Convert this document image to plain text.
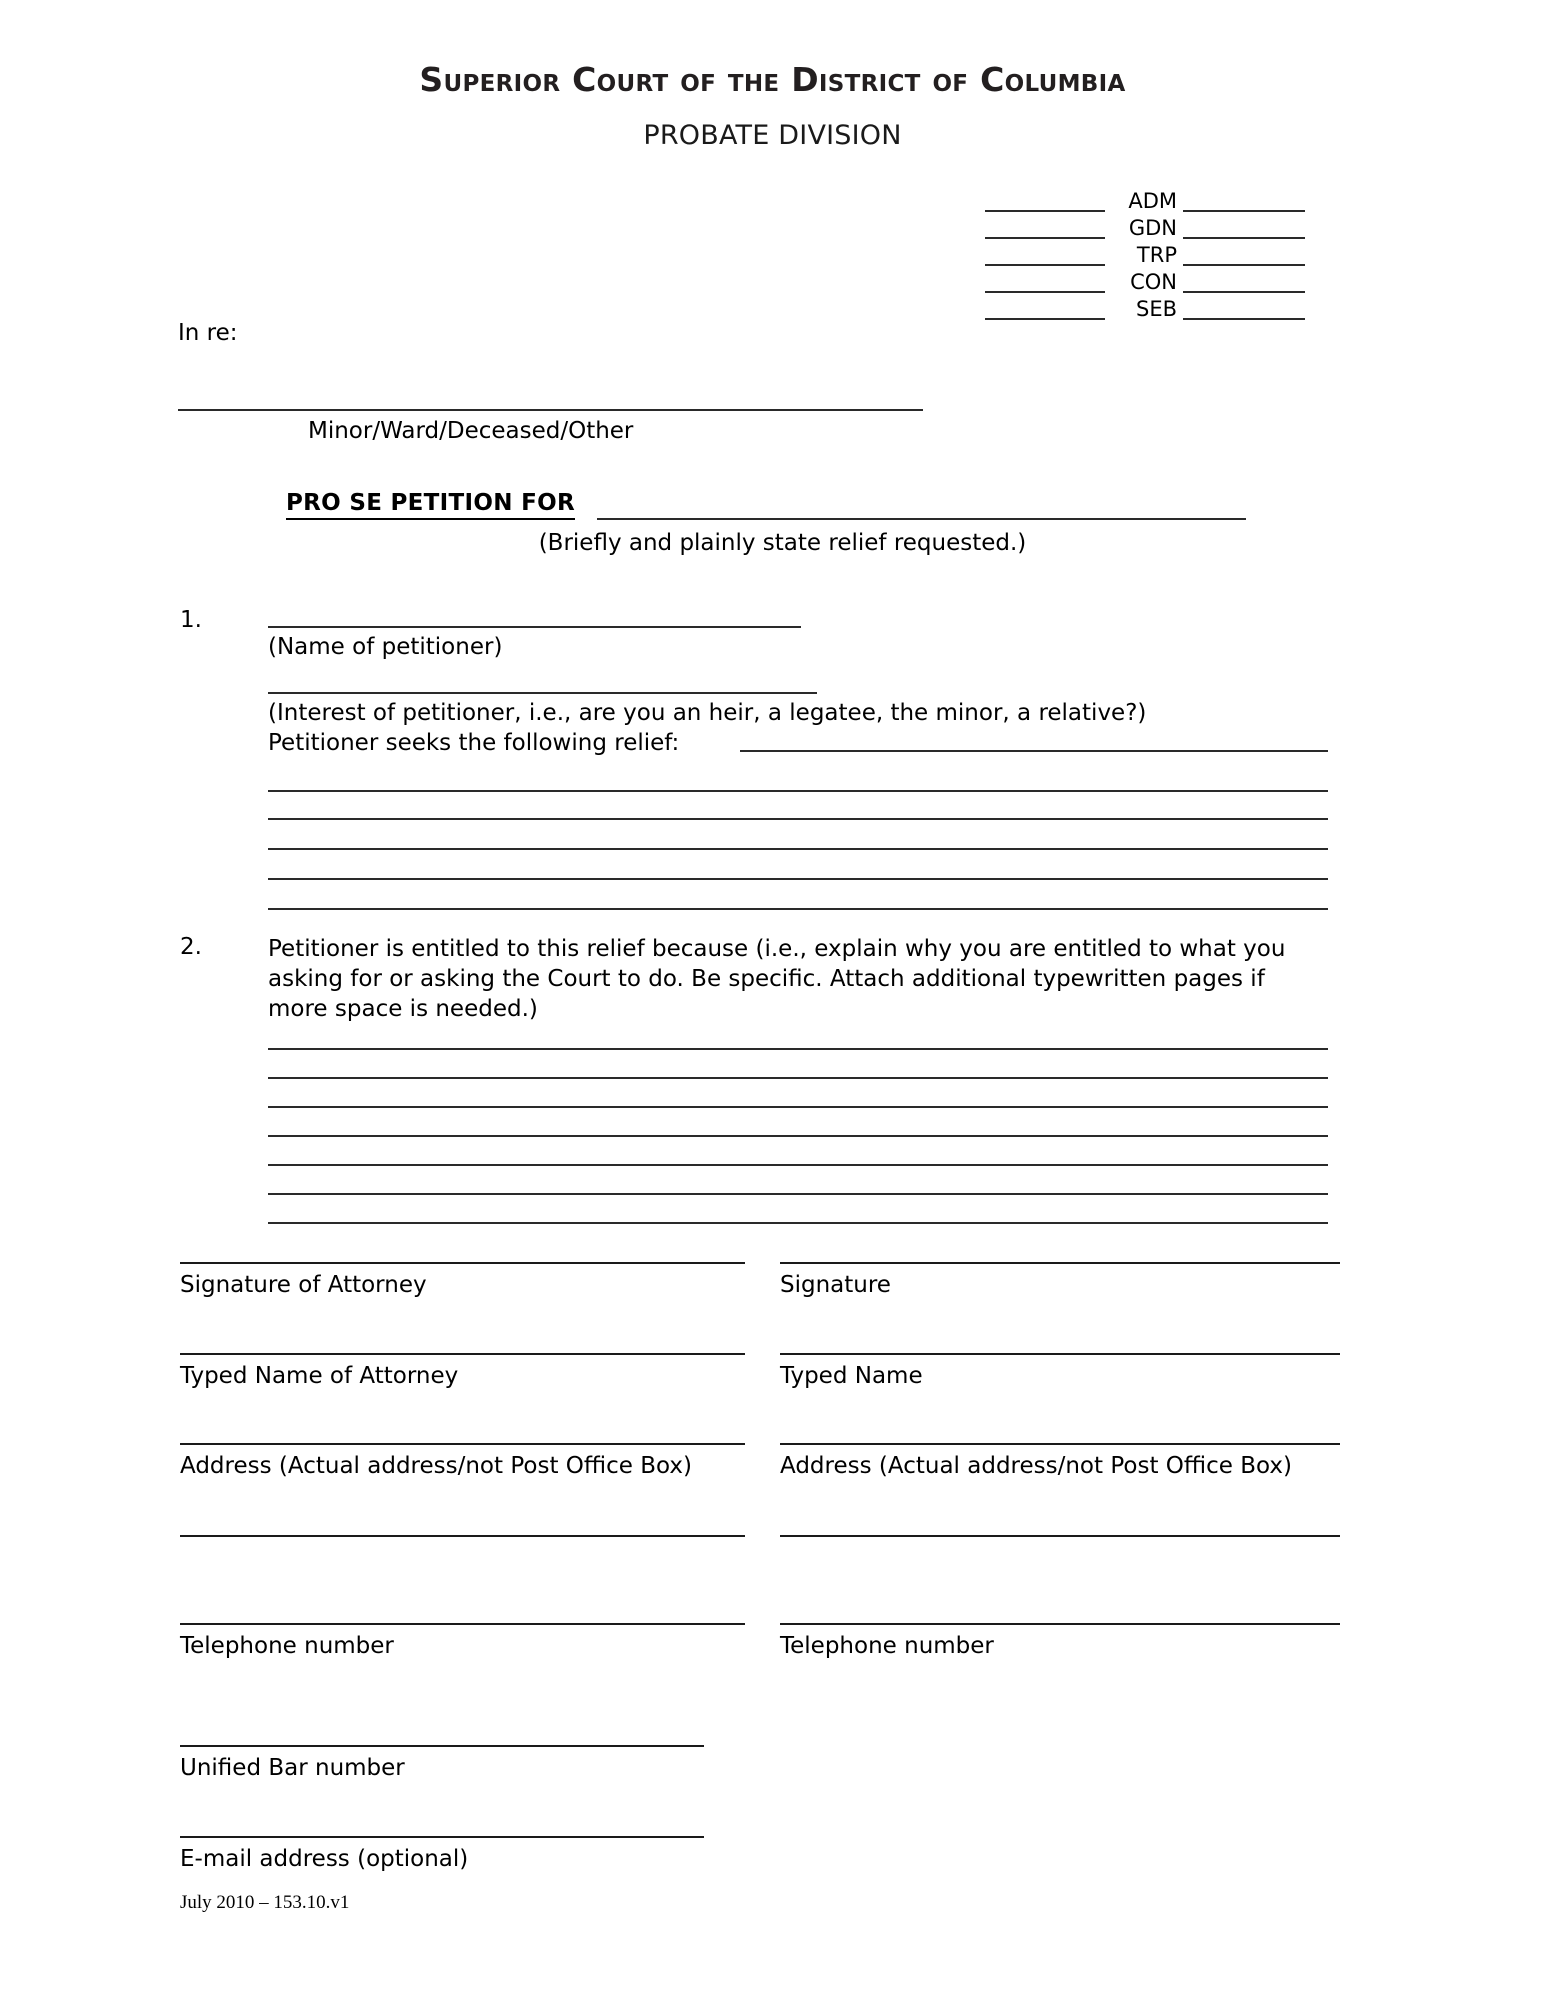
Superior Court of the District of Columbia
PROBATE DIVISION
ADM
GDN
TRP
CON
SEB
In re:
Minor/Ward/Deceased/Other
PRO SE PETITION FOR
(Briefly and plainly state relief requested.)
1.
(Name of petitioner)
(Interest of petitioner, i.e., are you an heir, a legatee, the minor, a relative?)
Petitioner seeks the following relief:
2.	Petitioner is entitled to this relief because (i.e., explain why you are entitled to what you asking for or asking the Court to do. Be specific. Attach additional typewritten pages if more space is needed.)
Signature of Attorney
Typed Name of Attorney
Address (Actual address/not Post Office Box)
Telephone number
Unified Bar number
E-mail address (optional)
Signature
Typed Name
Address (Actual address/not Post Office Box)
Telephone number
July 2010 – 153.10.v1
